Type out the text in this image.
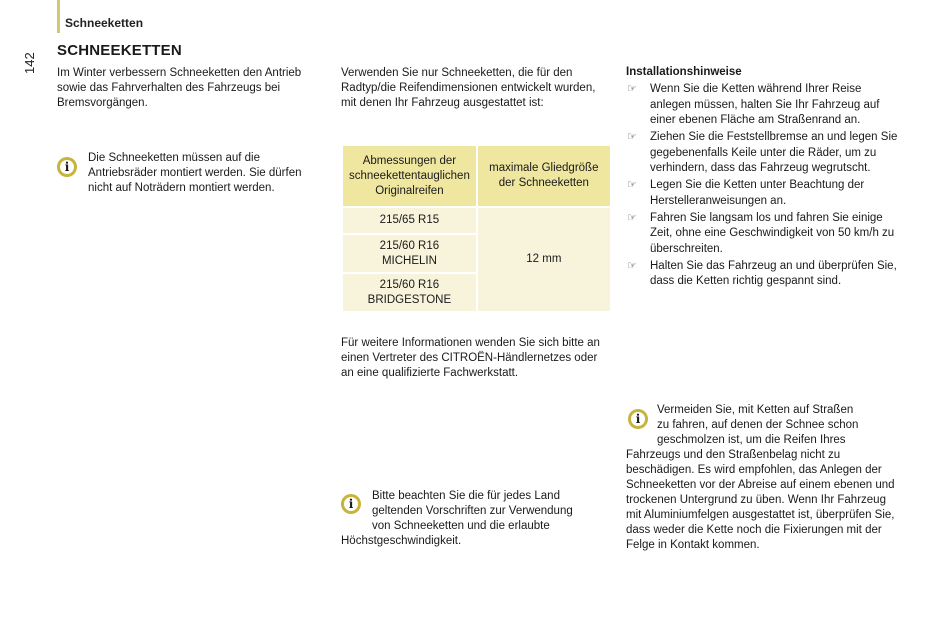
Schneeketten
142
SCHNEEKETTEN

Im Winter verbessern Schneeketten den Antrieb sowie das Fahrverhalten des Fahrzeugs bei Bremsvorgängen.

i

Die Schneeketten müssen auf die Antriebsräder montiert werden. Sie dürfen nicht auf Noträdern montiert werden.

Verwenden Sie nur Schneeketten, die für den Radtyp/die Reifendimensionen entwickelt wurden, mit denen Ihr Fahrzeug ausgestattet ist:

Abmessungen der schneekettentauglichen Originalreifen	maximale Gliedgröße der Schneeketten
215/65 R15	12 mm
215/60 R16
MICHELIN	
215/60 R16
BRIDGESTONE	

Für weitere Informationen wenden Sie sich bitte an einen Vertreter des CITROËN-Händlernetzes oder an eine qualifizierte Fachwerkstatt.

i
Bitte beachten Sie die für jedes Land
geltenden Vorschriften zur Verwendung
von Schneeketten und die erlaubte
Höchstgeschwindigkeit.
Installationshinweise
☞ Wenn Sie die Ketten während Ihrer Reise anlegen müssen, halten Sie Ihr Fahrzeug auf einer ebenen Fläche am Straßenrand an.
☞ Ziehen Sie die Feststellbremse an und legen Sie gegebenenfalls Keile unter die Räder, um zu verhindern, dass das Fahrzeug wegrutscht.
☞ Legen Sie die Ketten unter Beachtung der Herstelleranweisungen an.
☞ Fahren Sie langsam los und fahren Sie einige Zeit, ohne eine Geschwindigkeit von 50 km/h zu überschreiten.
☞ Halten Sie das Fahrzeug an und überprüfen Sie, dass die Ketten richtig gespannt sind.
i
Vermeiden Sie, mit Ketten auf Straßen
zu fahren, auf denen der Schnee schon
geschmolzen ist, um die Reifen Ihres
Fahrzeugs und den Straßenbelag nicht zu beschädigen. Es wird empfohlen, das Anlegen der Schneeketten vor der Abreise auf einem ebenen und trockenen Untergrund zu üben. Wenn Ihr Fahrzeug mit Aluminiumfelgen ausgestattet ist, überprüfen Sie, dass weder die Kette noch die Fixierungen mit der Felge in Kontakt kommen.
